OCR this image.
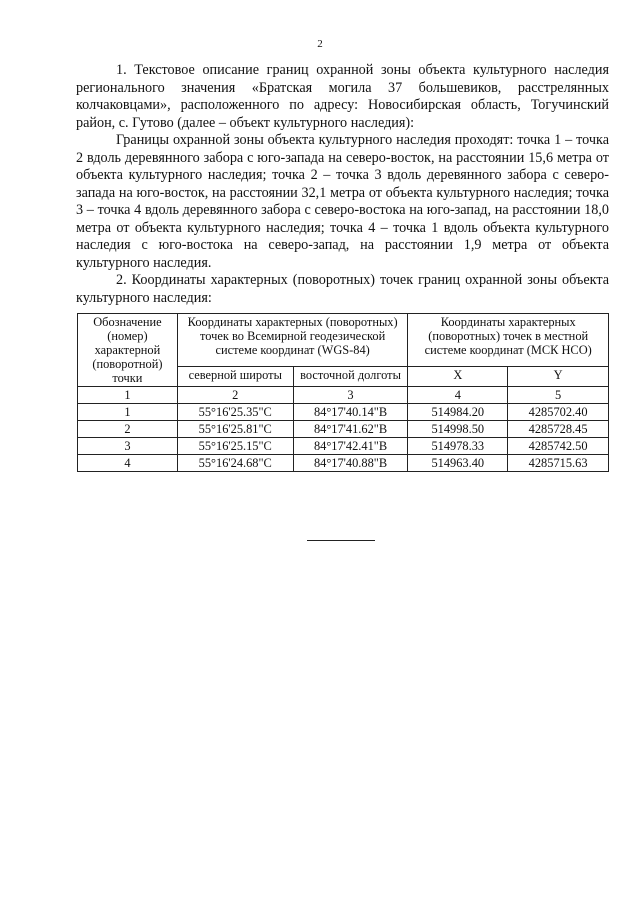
2

1. Текстовое описание границ охранной зоны объекта культурного наследия регионального значения «Братская могила 37 большевиков, расстрелянных колчаковцами», расположенного по адресу: Новосибирская область, Тогучинский район, с. Гутово (далее – объект культурного наследия):

Границы охранной зоны объекта культурного наследия проходят: точка 1 – точка 2 вдоль деревянного забора с юго-запада на северо-восток, на расстоянии 15,6 метра от объекта культурного наследия; точка 2 – точка 3 вдоль деревянного забора с северо-запада на юго-восток, на расстоянии 32,1 метра от объекта культурного наследия; точка 3 – точка 4 вдоль деревянного забора с северо-востока на юго-запад, на расстоянии 18,0 метра от объекта культурного наследия; точка 4 – точка 1 вдоль объекта культурного наследия с юго-востока на северо-запад, на расстоянии 1,9 метра от объекта культурного наследия.

2. Координаты характерных (поворотных) точек границ охранной зоны объекта культурного наследия:

Обозначение (номер) характерной (поворотной) точки	Координаты характерных (поворотных) точек во Всемирной геодезической системе координат (WGS-84)		Координаты характерных (поворотных) точек в местной системе координат (МСК НСО)	
	северной широты	восточной долготы	X	Y
1	2	3	4	5
1	55°16'25.35"С	84°17'40.14"В	514984.20	4285702.40
2	55°16'25.81"С	84°17'41.62"В	514998.50	4285728.45
3	55°16'25.15"С	84°17'42.41"В	514978.33	4285742.50
4	55°16'24.68"С	84°17'40.88"В	514963.40	4285715.63
